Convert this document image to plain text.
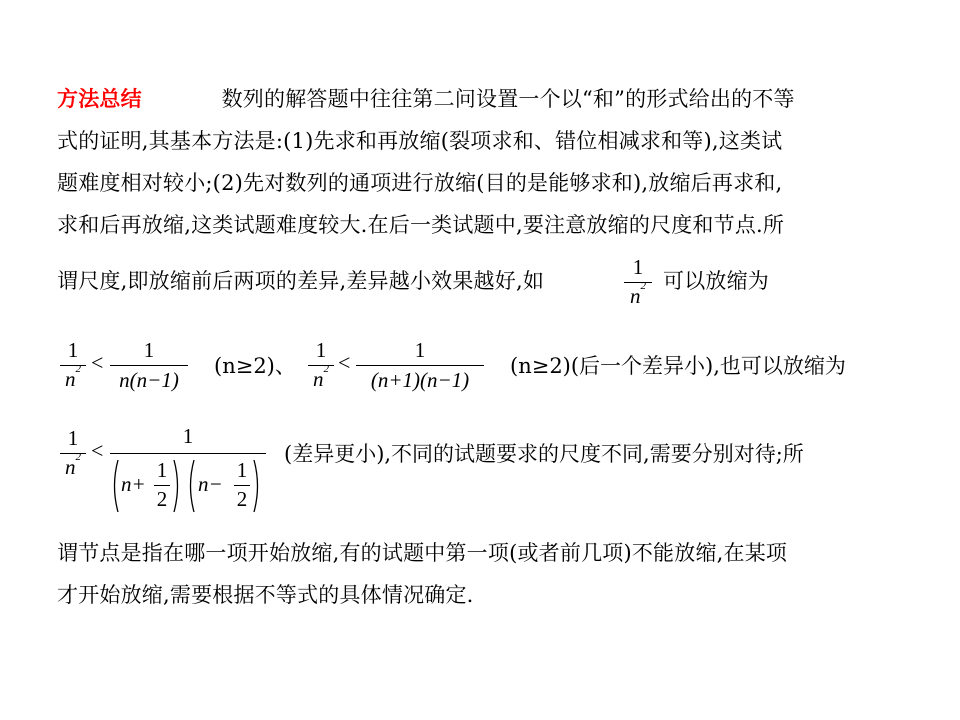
方法总结	数列的解答题中往往第二问设置一个以“和”的形式给出的不等
式的证明,其基本方法是:(1)先求和再放缩(裂项求和、错位相减求和等),这类试
题难度相对较小;(2)先对数列的通项进行放缩(目的是能够求和),放缩后再求和,
求和后再放缩,这类试题难度较大.在后一类试题中,要注意放缩的尺度和节点.所
谓尺度,即放缩前后两项的差异,差异越小效果越好,如
1
$n^2$ 可以放缩为
1
$n^2$ <	1
n(n−1)
(n≥2)、
1
$n^2$ <	1
(n+1)(n−1)
(n≥2)(后一个差异小),也可以放缩为
1
$n^2$ <
1
n+
1
2
n−
1
2
(差异更小),不同的试题要求的尺度不同,需要分别对待;所
谓节点是指在哪一项开始放缩,有的试题中第一项(或者前几项)不能放缩,在某项
才开始放缩,需要根据不等式的具体情况确定.
